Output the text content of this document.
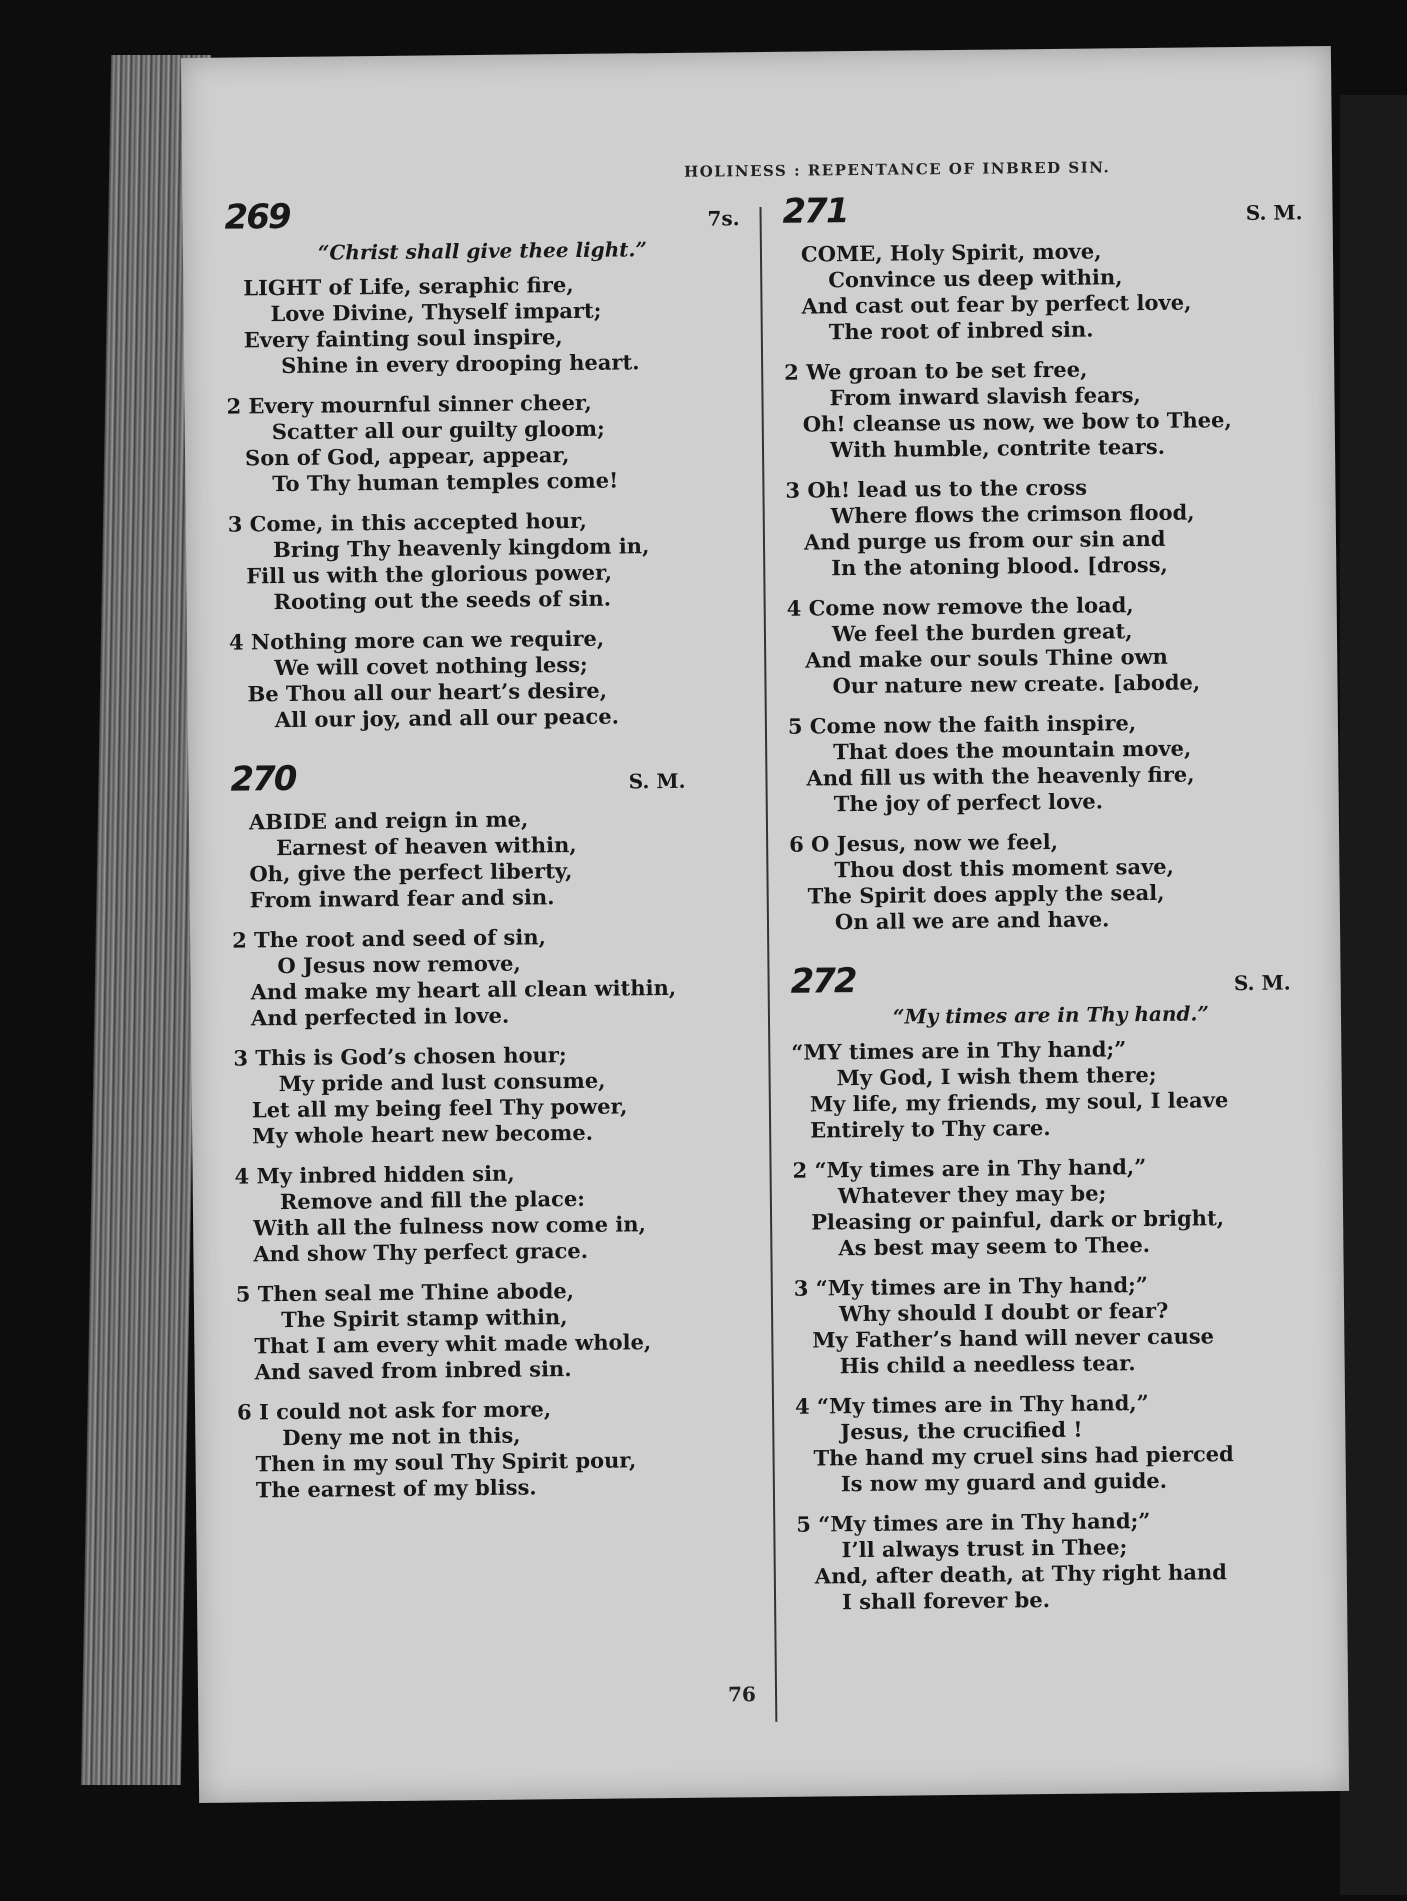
HOLINESS : REPENTANCE OF INBRED SIN.
269	7s.
“Christ shall give thee light.”
LIGHT of Life, seraphic fire,
Love Divine, Thyself impart;
Every fainting soul inspire,
Shine in every drooping heart.
2 Every mournful sinner cheer,
Scatter all our guilty gloom;
Son of God, appear, appear,
To Thy human temples come!
3 Come, in this accepted hour,
Bring Thy heavenly kingdom in,
Fill us with the glorious power,
Rooting out the seeds of sin.
4 Nothing more can we require,
We will covet nothing less;
Be Thou all our heart’s desire,
All our joy, and all our peace.
270	S. M.
ABIDE and reign in me,
Earnest of heaven within,
Oh, give the perfect liberty,
From inward fear and sin.
2 The root and seed of sin,
O Jesus now remove,
And make my heart all clean within,
And perfected in love.
3 This is God’s chosen hour;
My pride and lust consume,
Let all my being feel Thy power,
My whole heart new become.
4 My inbred hidden sin,
Remove and fill the place:
With all the fulness now come in,
And show Thy perfect grace.
5 Then seal me Thine abode,
The Spirit stamp within,
That I am every whit made whole,
And saved from inbred sin.
6 I could not ask for more,
Deny me not in this,
Then in my soul Thy Spirit pour,
The earnest of my bliss.
271	S. M.
COME, Holy Spirit, move,
Convince us deep within,
And cast out fear by perfect love,
The root of inbred sin.
2 We groan to be set free,
From inward slavish fears,
Oh! cleanse us now, we bow to Thee,
With humble, contrite tears.
3 Oh! lead us to the cross
Where flows the crimson flood,
And purge us from our sin and
In the atoning blood. [dross,
4 Come now remove the load,
We feel the burden great,
And make our souls Thine own
Our nature new create. [abode,
5 Come now the faith inspire,
That does the mountain move,
And fill us with the heavenly fire,
The joy of perfect love.
6 O Jesus, now we feel,
Thou dost this moment save,
The Spirit does apply the seal,
On all we are and have.
272	S. M.
“My times are in Thy hand.”
“MY times are in Thy hand;”
My God, I wish them there;
My life, my friends, my soul, I leave
Entirely to Thy care.
2 “My times are in Thy hand,”
Whatever they may be;
Pleasing or painful, dark or bright,
As best may seem to Thee.
3 “My times are in Thy hand;”
Why should I doubt or fear?
My Father’s hand will never cause
His child a needless tear.
4 “My times are in Thy hand,”
Jesus, the crucified !
The hand my cruel sins had pierced
Is now my guard and guide.
5 “My times are in Thy hand;”
I’ll always trust in Thee;
And, after death, at Thy right hand
I shall forever be.
76
